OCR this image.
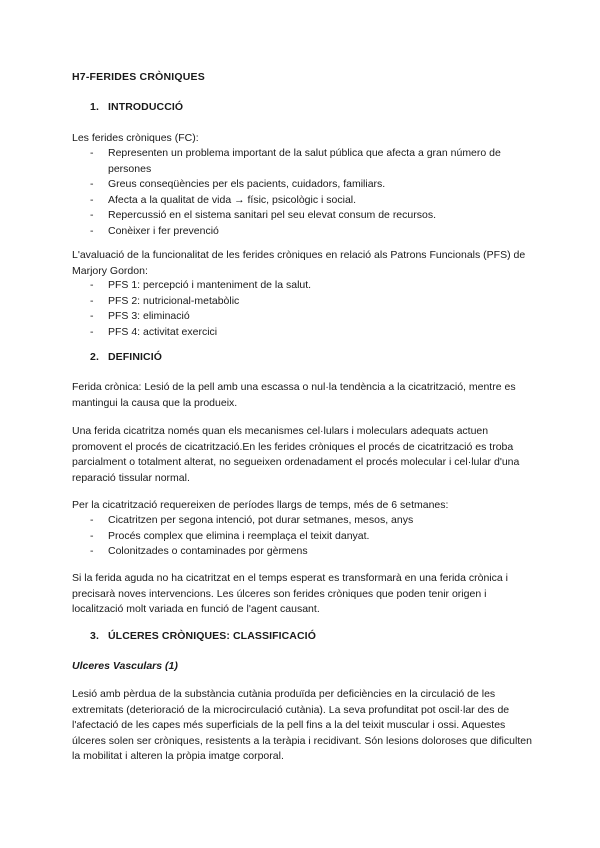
H7-FERIDES CRÒNIQUES
1. INTRODUCCIÓ
Les ferides cròniques (FC):
- Representen un problema important de la salut pública que afecta a gran número de persones
- Greus conseqüències per els pacients, cuidadors, familiars.
- Afecta a la qualitat de vida → físic, psicològic i social.
- Repercussió en el sistema sanitari pel seu elevat consum de recursos.
- Conèixer i fer prevenció
L'avaluació de la funcionalitat de les ferides cròniques en relació als Patrons Funcionals (PFS) de Marjory Gordon:
- PFS 1: percepció i manteniment de la salut.
- PFS 2: nutricional-metabòlic
- PFS 3: eliminació
- PFS 4: activitat exercici
2. DEFINICIÓ
Ferida crònica: Lesió de la pell amb una escassa o nul·la tendència a la cicatrització, mentre es mantingui la causa que la produeix.
Una ferida cicatritza només quan els mecanismes cel·lulars i moleculars adequats actuen promovent el procés de cicatrització.En les ferides cròniques el procés de cicatrització es troba parcialment o totalment alterat, no segueixen ordenadament el procés molecular i cel·lular d'una reparació tissular normal.
Per la cicatrització requereixen de períodes llargs de temps, més de 6 setmanes:
- Cicatritzen per segona intenció, pot durar setmanes, mesos, anys
- Procés complex que elimina i reemplaça el teixit danyat.
- Colonitzades o contaminades por gèrmens
Si la ferida aguda no ha cicatritzat en el temps esperat es transformarà en una ferida crònica i precisarà noves intervencions. Les úlceres son ferides cròniques que poden tenir origen i localització molt variada en funció de l'agent causant.
3. ÚLCERES CRÒNIQUES: CLASSIFICACIÓ
Ulceres Vasculars (1)
Lesió amb pèrdua de la substància cutània produïda per deficiències en la circulació de les extremitats (deterioració de la microcirculació cutània). La seva profunditat pot oscil·lar des de l'afectació de les capes més superficials de la pell fins a la del teixit muscular i ossi. Aquestes úlceres solen ser cròniques, resistents a la teràpia i recidivant. Són lesions doloroses que dificulten la mobilitat i alteren la pròpia imatge corporal.
